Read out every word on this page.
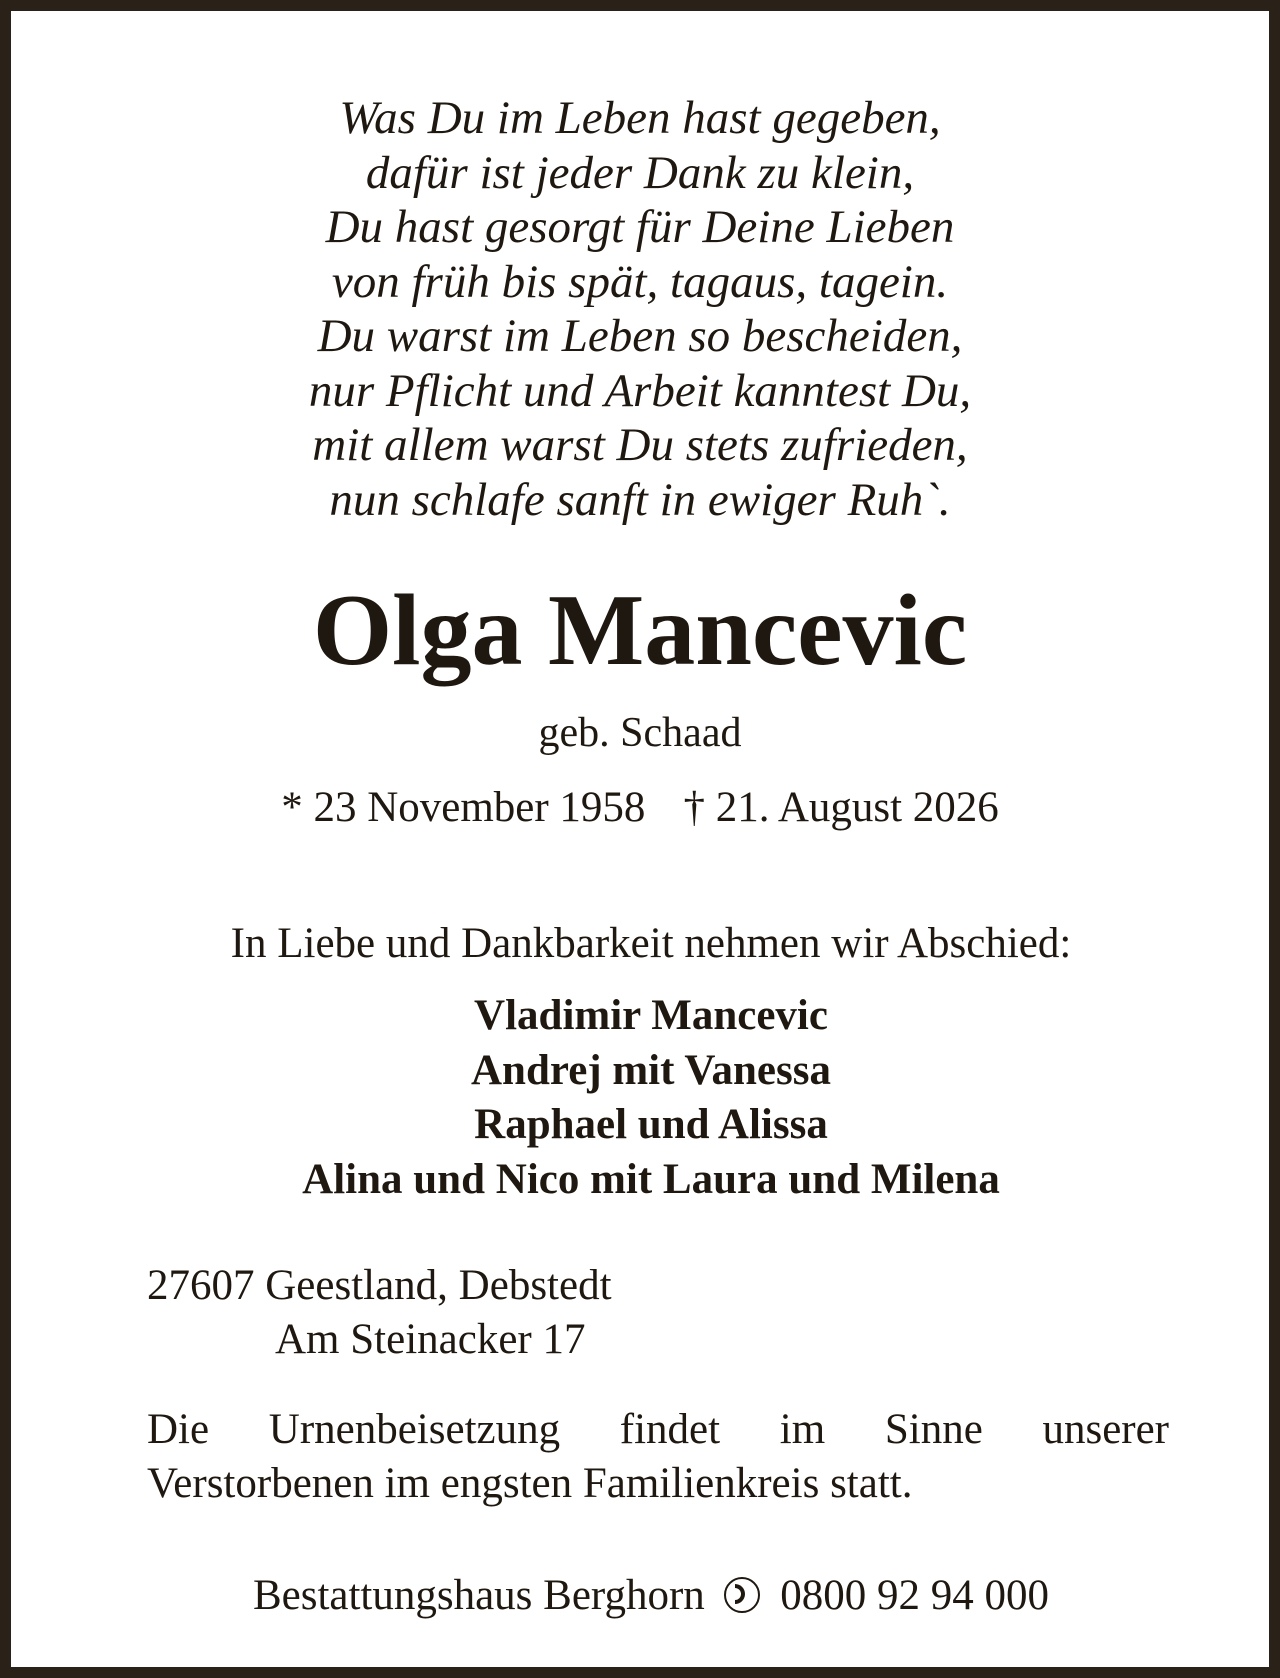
Was Du im Leben hast gegeben,
dafür ist jeder Dank zu klein,
Du hast gesorgt für Deine Lieben
von früh bis spät, tagaus, tagein.
Du warst im Leben so bescheiden,
nur Pflicht und Arbeit kanntest Du,
mit allem warst Du stets zufrieden,
nun schlafe sanft in ewiger Ruh`.
Olga Mancevic
geb. Schaad
* 23 November 1958 † 21. August 2026
In Liebe und Dankbarkeit nehmen wir Abschied:
Vladimir Mancevic
Andrej mit Vanessa
Raphael und Alissa
Alina und Nico mit Laura und Milena
27607 Geestland, Debstedt
Am Steinacker 17
Die Urnenbeisetzung findet im Sinne unserer
Verstorbenen im engsten Familienkreis statt.
Bestattungshaus Berghorn 0800 92 94 000
